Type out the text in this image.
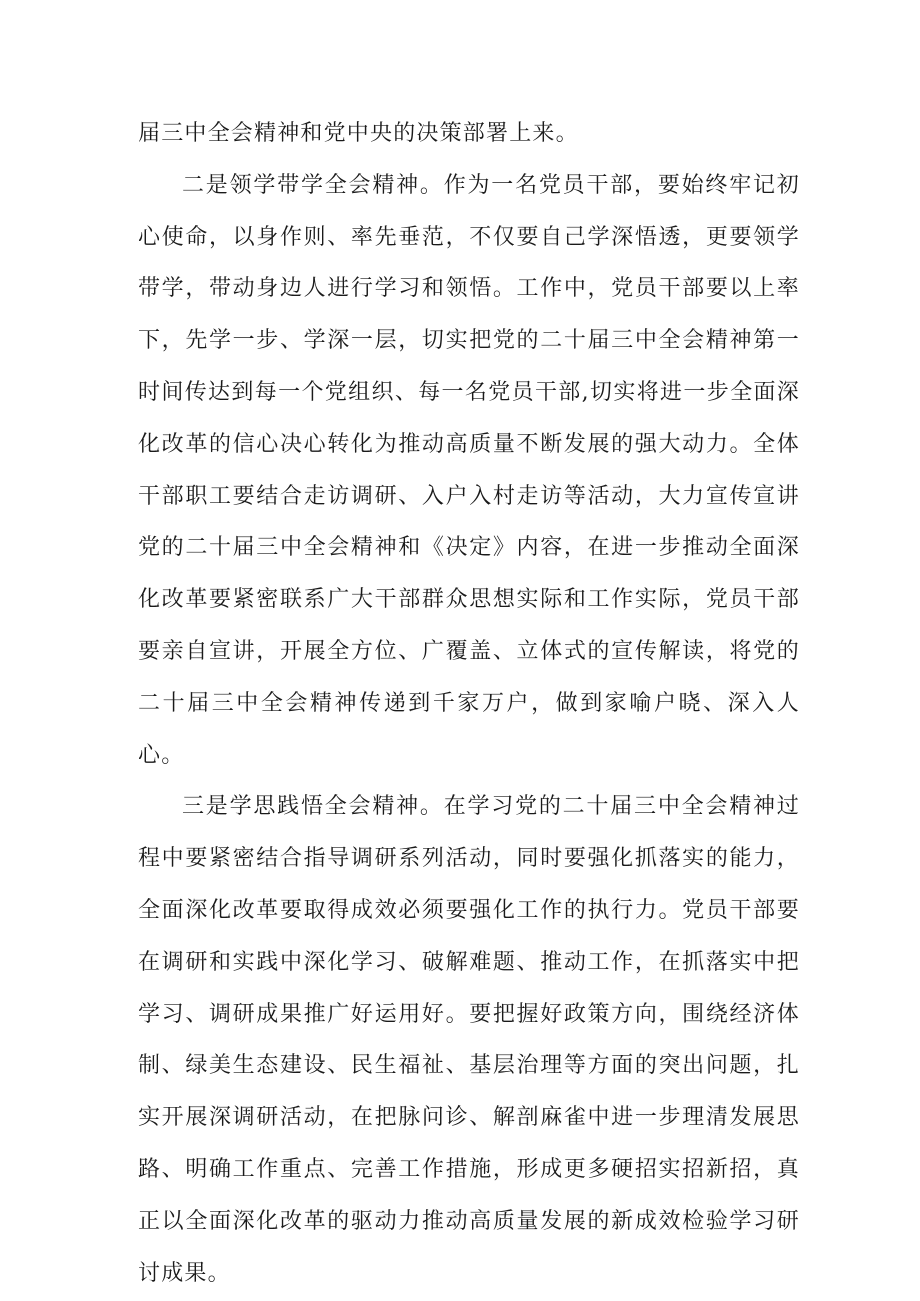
届三中全会精神和党中央的决策部署上来。

二是领学带学全会精神。作为一名党员干部，要始终牢记初心使命，以身作则、率先垂范，不仅要自己学深悟透，更要领学带学，带动身边人进行学习和领悟。工作中，党员干部要以上率下，先学一步、学深一层，切实把党的二十届三中全会精神第一时间传达到每一个党组织、每一名党员干部,切实将进一步全面深化改革的信心决心转化为推动高质量不断发展的强大动力。全体干部职工要结合走访调研、入户入村走访等活动，大力宣传宣讲党的二十届三中全会精神和《决定》内容，在进一步推动全面深化改革要紧密联系广大干部群众思想实际和工作实际，党员干部要亲自宣讲，开展全方位、广覆盖、立体式的宣传解读，将党的二十届三中全会精神传递到千家万户，做到家喻户晓、深入人心。

三是学思践悟全会精神。在学习党的二十届三中全会精神过程中要紧密结合指导调研系列活动，同时要强化抓落实的能力，全面深化改革要取得成效必须要强化工作的执行力。党员干部要在调研和实践中深化学习、破解难题、推动工作，在抓落实中把学习、调研成果推广好运用好。要把握好政策方向，围绕经济体制、绿美生态建设、民生福祉、基层治理等方面的突出问题，扎实开展深调研活动，在把脉问诊、解剖麻雀中进一步理清发展思路、明确工作重点、完善工作措施，形成更多硬招实招新招，真正以全面深化改革的驱动力推动高质量发展的新成效检验学习研讨成果。
